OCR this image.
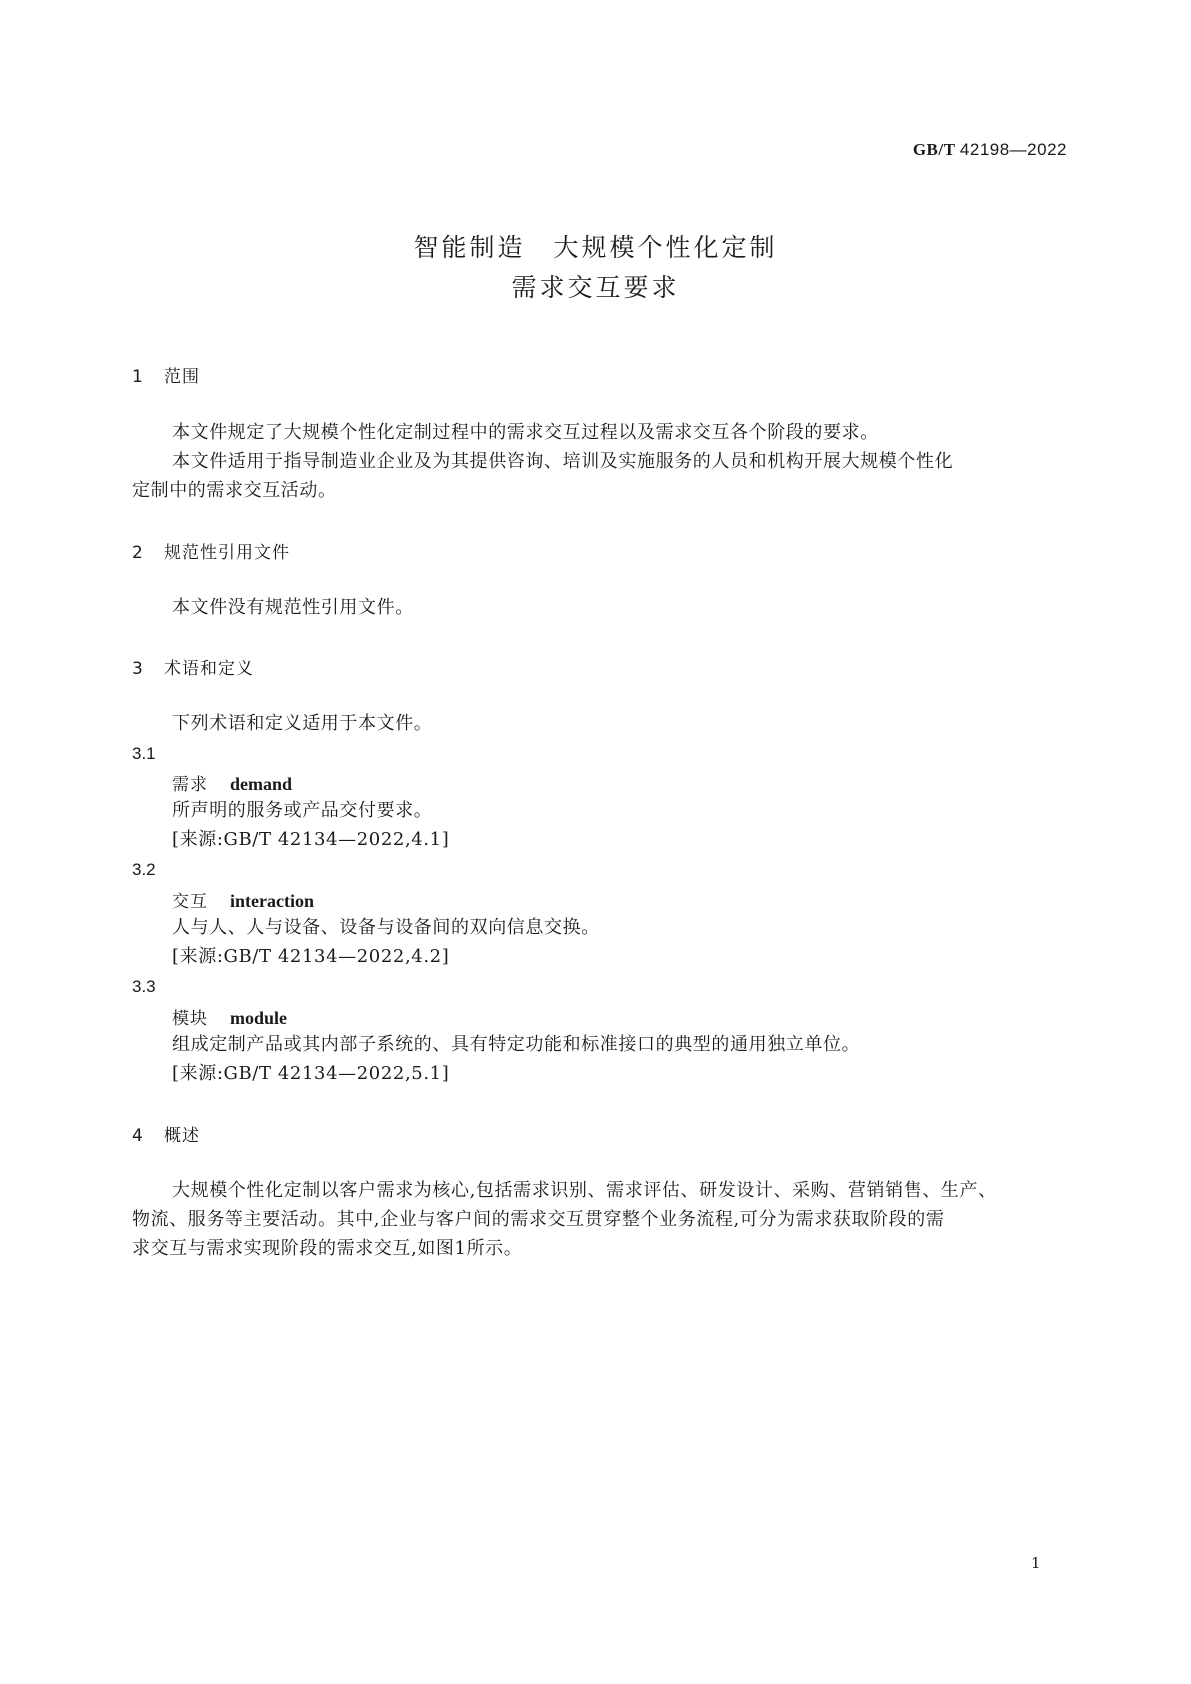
GB/T 42198—2022
智能制造　大规模个性化定制
需求交互要求
1 范围
本文件规定了大规模个性化定制过程中的需求交互过程以及需求交互各个阶段的要求。
本文件适用于指导制造业企业及为其提供咨询、培训及实施服务的人员和机构开展大规模个性化
定制中的需求交互活动。
2 规范性引用文件
本文件没有规范性引用文件。
3 术语和定义
下列术语和定义适用于本文件。
3.1
需求 demand
所声明的服务或产品交付要求。
[来源:GB/T 42134—2022,4.1]
3.2
交互 interaction
人与人、人与设备、设备与设备间的双向信息交换。
[来源:GB/T 42134—2022,4.2]
3.3
模块 module
组成定制产品或其内部子系统的、具有特定功能和标准接口的典型的通用独立单位。
[来源:GB/T 42134—2022,5.1]
4 概述
大规模个性化定制以客户需求为核心,包括需求识别、需求评估、研发设计、采购、营销销售、生产、
物流、服务等主要活动。其中,企业与客户间的需求交互贯穿整个业务流程,可分为需求获取阶段的需
求交互与需求实现阶段的需求交互,如图1所示。
1
